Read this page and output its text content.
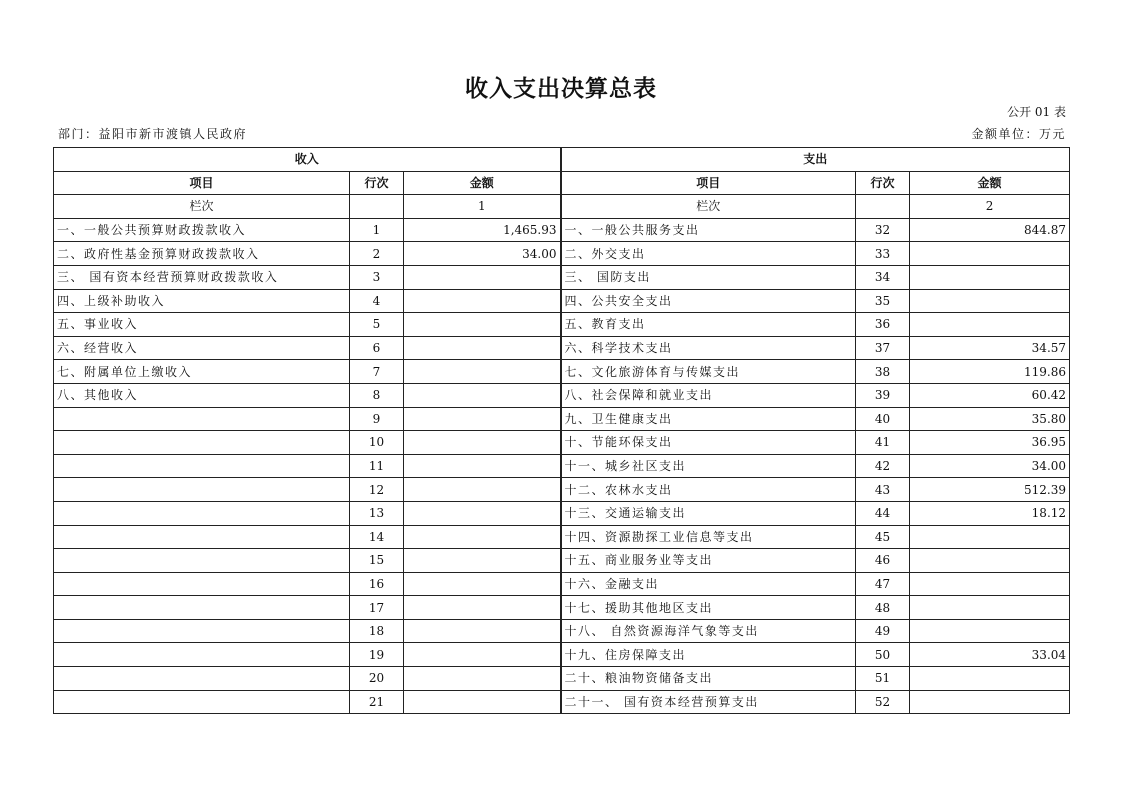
收入支出决算总表
公开 01 表
部门：益阳市新市渡镇人民政府	金额单位：万元
收入			支出		
项目	行次	金额	项目	行次	金额
栏次		1	栏次		2
一、一般公共预算财政拨款收入	1	1,465.93	一、一般公共服务支出	32	844.87
二、政府性基金预算财政拨款收入	2	34.00	二、外交支出	33	
三、 国有资本经营预算财政拨款收入	3		三、 国防支出	34	
四、上级补助收入	4		四、公共安全支出	35	
五、事业收入	5		五、教育支出	36	
六、经营收入	6		六、科学技术支出	37	34.57
七、附属单位上缴收入	7		七、文化旅游体育与传媒支出	38	119.86
八、其他收入	8		八、社会保障和就业支出	39	60.42
	9		九、卫生健康支出	40	35.80
	10		十、节能环保支出	41	36.95
	11		十一、城乡社区支出	42	34.00
	12		十二、农林水支出	43	512.39
	13		十三、交通运输支出	44	18.12
	14		十四、资源勘探工业信息等支出	45	
	15		十五、商业服务业等支出	46	
	16		十六、金融支出	47	
	17		十七、援助其他地区支出	48	
	18		十八、 自然资源海洋气象等支出	49	
	19		十九、住房保障支出	50	33.04
	20		二十、粮油物资储备支出	51	
	21		二十一、 国有资本经营预算支出	52	
